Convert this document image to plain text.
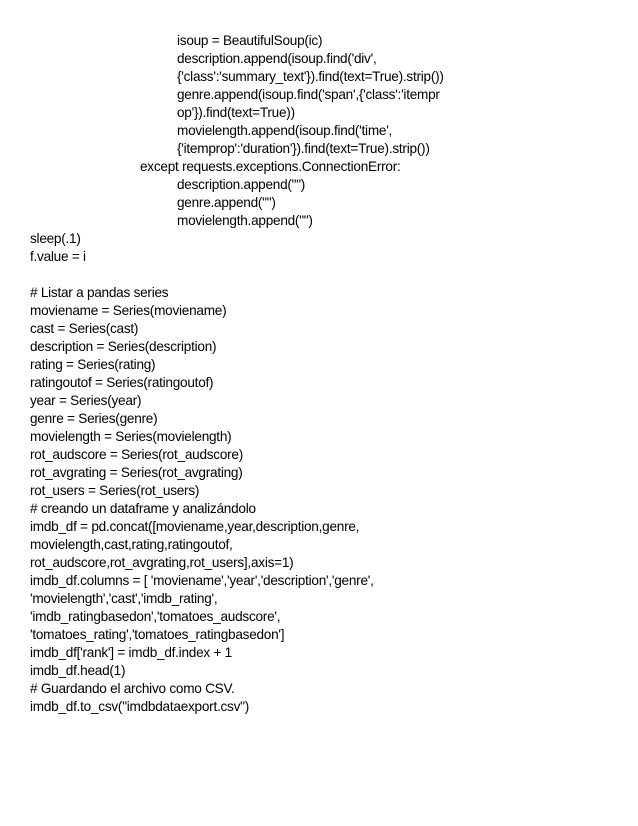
isoup = BeautifulSoup(ic)
description.append(isoup.find('div',
{'class':'summary_text'}).find(text=True).strip())
genre.append(isoup.find('span',{'class':'itempr
op'}).find(text=True))
movielength.append(isoup.find('time',
{'itemprop':'duration'}).find(text=True).strip())
except requests.exceptions.ConnectionError:
description.append("")
genre.append("")
movielength.append("")
sleep(.1)
f.value = i
# Listar a pandas series
moviename = Series(moviename)
cast = Series(cast)
description = Series(description)
rating = Series(rating)
ratingoutof = Series(ratingoutof)
year = Series(year)
genre = Series(genre)
movielength = Series(movielength)
rot_audscore = Series(rot_audscore)
rot_avgrating = Series(rot_avgrating)
rot_users = Series(rot_users)
# creando un dataframe y analizándolo
imdb_df = pd.concat([moviename,year,description,genre,
movielength,cast,rating,ratingoutof,
rot_audscore,rot_avgrating,rot_users],axis=1)
imdb_df.columns = [ 'moviename','year','description','genre',
'movielength','cast','imdb_rating',
'imdb_ratingbasedon','tomatoes_audscore',
'tomatoes_rating','tomatoes_ratingbasedon']
imdb_df['rank'] = imdb_df.index + 1
imdb_df.head(1)
# Guardando el archivo como CSV.
imdb_df.to_csv("imdbdataexport.csv")
